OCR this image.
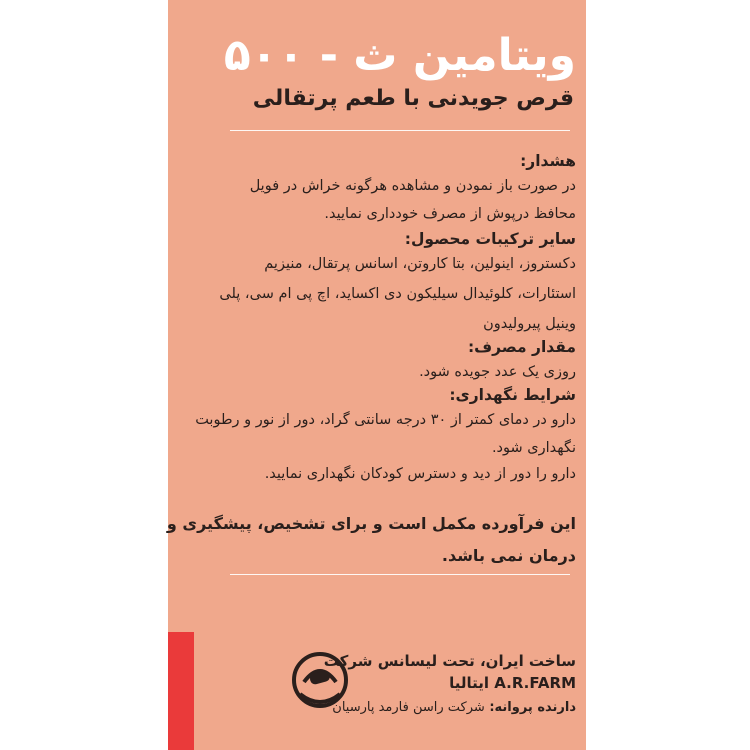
ویتامین ث - ۵۰۰
قرص جویدنی با طعم پرتقالی
هشدار:
در صورت باز نمودن و مشاهده هرگونه خراش در فویل
محافظ درپوش از مصرف خودداری نمایید.
سایر ترکیبات محصول:
دکستروز، اینولین، بتا کاروتن، اسانس پرتقال، منیزیم
استئارات، کلوئیدال سیلیکون دی اکساید، اچ پی ام سی، پلی
وینیل پیرولیدون
مقدار مصرف:
روزی یک عدد جویده شود.
شرایط نگهداری:
دارو در دمای کمتر از ۳۰ درجه سانتی گراد، دور از نور و رطوبت
نگهداری شود.
دارو را دور از دید و دسترس کودکان نگهداری نمایید.
این فرآورده مکمل است و برای تشخیص، پیشگیری و
درمان نمی باشد.
ساخت ایران، تحت لیسانس شرکت
A.R.FARM ایتالیا
دارنده پروانه: شرکت راسن فارمد پارسیان
